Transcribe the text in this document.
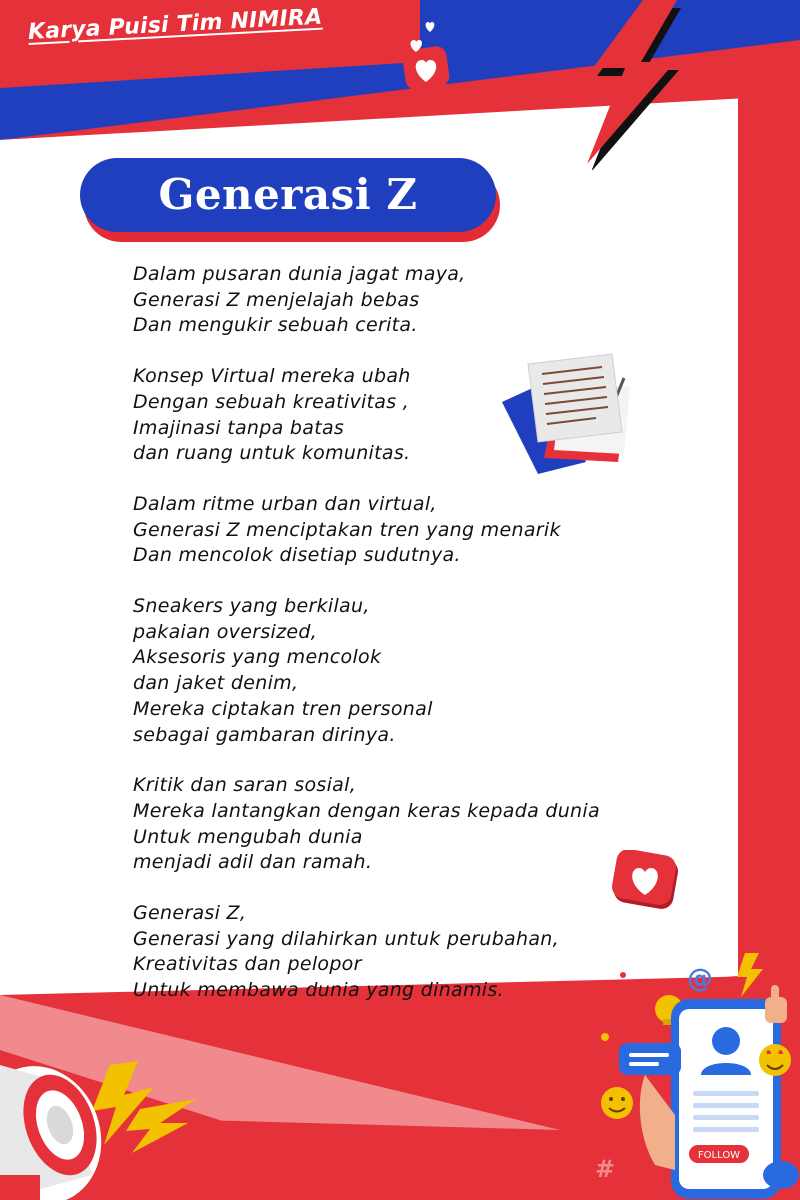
Karya Puisi Tim NIMIRA
Generasi Z
Dalam pusaran dunia jagat maya,
Generasi Z menjelajah bebas
Dan mengukir sebuah cerita.
Konsep Virtual mereka ubah
Dengan sebuah kreativitas ,
Imajinasi tanpa batas
dan ruang untuk komunitas.
Dalam ritme urban dan virtual,
Generasi Z menciptakan tren yang menarik
Dan mencolok disetiap sudutnya.
Sneakers yang berkilau,
pakaian oversized,
Aksesoris yang mencolok
dan jaket denim,
Mereka ciptakan tren personal
sebagai gambaran dirinya.
Kritik dan saran sosial,
Mereka lantangkan dengan keras kepada dunia
Untuk mengubah dunia
menjadi adil dan ramah.
Generasi Z,
Generasi yang dilahirkan untuk perubahan,
Kreativitas dan pelopor
Untuk membawa dunia yang dinamis.	@
FOLLOW
#
